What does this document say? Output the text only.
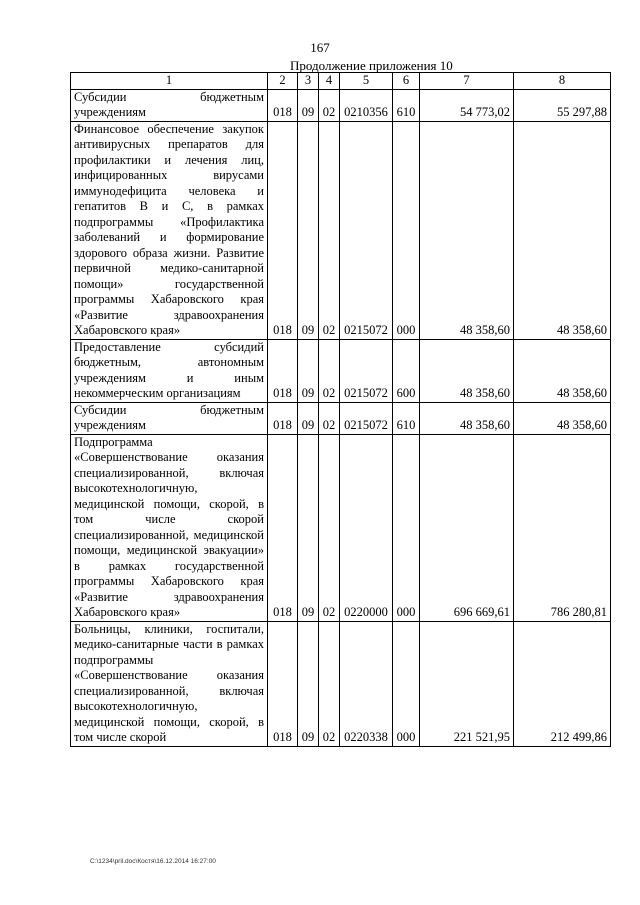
167
Продолжение приложения 10
1	2	3	4	5	6	7	8
Субсидии бюджетным учреждениям	018	09	02	0210356	610	54 773,02	55 297,88
Финансовое обеспечение закупок антивирусных препаратов для профилактики и лечения лиц, инфицированных вирусами иммунодефицита человека и гепатитов В и С, в рамках подпрограммы «Профилактика заболеваний и формирование здорового образа жизни. Развитие первичной медико-санитарной помощи» государственной программы Хабаровского края «Развитие здравоохранения Хабаровского края»	018	09	02	0215072	000	48 358,60	48 358,60
Предоставление субсидий бюджетным, автономным учреждениям и иным некоммерческим организациям	018	09	02	0215072	600	48 358,60	48 358,60
Субсидии бюджетным учреждениям	018	09	02	0215072	610	48 358,60	48 358,60
Подпрограмма «Совершенствование оказания специализированной, включая высокотехнологичную, медицинской помощи, скорой, в том числе скорой специализированной, медицинской помощи, медицинской эвакуации» в рамках государственной программы Хабаровского края «Развитие здравоохранения Хабаровского края»	018	09	02	0220000	000	696 669,61	786 280,81
Больницы, клиники, госпитали, медико-санитарные части в рамках подпрограммы «Совершенствование оказания специализированной, включая высокотехнологичную, медицинской помощи, скорой, в том числе скорой	018	09	02	0220338	000	221 521,95	212 499,86
C:\1234\pril.doc\Костя\16.12.2014 16:27:00
